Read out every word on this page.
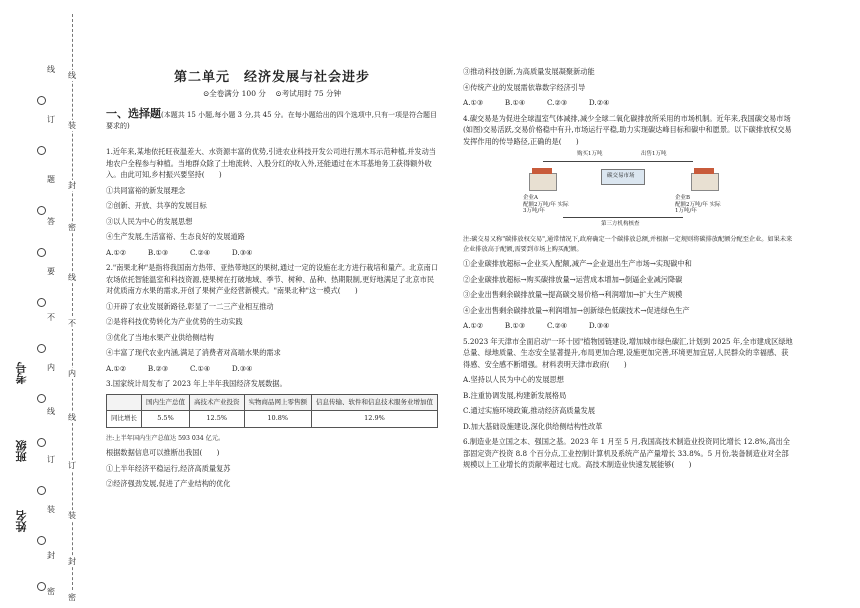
线
线
装
订
封
题
密
答
线
要
不
不
内
内
线
线
订
订
装
装
封
封
密
密
考号
班级
姓名
第二单元　经济发展与社会进步
⊙全卷满分 100 分 ⊙考试用时 75 分钟
一、选择题(本题共 15 小题,每小题 3 分,共 45 分。在每小题给出的四个选项中,只有一项是符合题目要求的)

1.近年来,某地依托旺夜温差大、水资源丰富的优势,引进农业科技开发公司进行黑木耳示范种植,并发动当地农户全程参与种植。当地群众除了土地流转、入股分红的收入外,还能通过在木耳基地务工获得额外收入。由此可知,乡村振兴要坚持(　　)

①共同富裕的新发展理念

②创新、开放、共享的发展目标

③以人民为中心的发展思想

④生产发展,生活富裕、生态良好的发展道路

A.①②　　　B.①③　　　C.②④　　　D.③④

2."南果北种"是指将我国南方热带、亚热带地区的果树,通过一定的设施在北方进行栽培和量产。北京南口农场依托智能温室和科技资源,使果树在打破地域、季节、树种、品种、热期限制,更好地满足了北京市民对优质南方水果的需求,开创了果树产业经营新模式。"南果北种"这一模式(　　)

①开辟了农业发展新路径,彰显了一二三产业相互推动

②是将科技优势转化为产业优势的生动实践

③优化了当地水果产业供给侧结构

④丰富了现代农业内涵,满足了消费者对高端水果的需求

A.①②　　　B.②③　　　C.①④　　　D.③④

3.国家统计局发布了 2023 年上半年我国经济发展数据。

	国内生产总值	高技术产业投资	实物商品网上零售额	信息传输、软件和信息技术服务业增加值
同比增长	5.5%	12.5%	10.8%	12.9%

注:上半年国内生产总值达 593 034 亿元。

根据数据信息可以推断出我国(　　)

①上半年经济平稳运行,经济高质量复苏

②经济强劲发展,促进了产业结构的优化

③推动科技创新,为高质量发展凝聚新动能

④传统产业的发展需依靠数字经济引导

A.①③　　　B.①④　　　C.②③　　　D.②④

4.碳交易是为促进全球温室气体减排,减少全球二氧化碳排放所采用的市场机制。近年来,我国碳交易市场(如图)交易活跃,交易价格稳中有升,市场运行平稳,助力实现碳达峰目标和碳中和愿景。以下碳排放权交易发挥作用的传导路径,正确的是(　　)

购买1万吨	出售1万吨
碳交易市场
企业A
配额2万吨/年 实际3万吨/年
企业B
配额2万吨/年 实际1万吨/年
第三方机构核查

注:碳交易又称"碳排放权交易",通常情况下,政府确定一个碳排放总额,并根据一定规则将碳排放配额分配至企业。如果未来企业排放高于配额,需要到市场上购买配额。

①企业碳排放超标→企业买入配额,减产→企业退出生产市场→实现碳中和

②企业碳排放超标→购买碳排放量→运营成本增加→倒逼企业减污降碳

③企业出售剩余碳排放量→提高碳交易价格→利润增加→扩大生产规模

④企业出售剩余碳排放量→利润增加→创新绿色低碳技术→促进绿色生产

A.①②　　　B.①③　　　C.②④　　　D.③④

5.2023 年天津市全面启动"一环十园"植物园链建设,增加城市绿色碳汇,计划到 2025 年,全市建成区绿地总量、绿地质量、生态安全显著提升,布局更加合理,设施更加完善,环境更加宜居,人民群众的幸福感、获得感、安全感不断增强。材料表明天津市政府(　　)

A.坚持以人民为中心的发展思想

B.注重协调发展,构建新发展格局

C.通过实施环境政策,推动经济高质量发展

D.加大基础设施建设,深化供给侧结构性改革

6.制造业是立国之本、强国之基。2023 年 1 月至 5 月,我国高技术制造业投资同比增长 12.8%,高出全部固定资产投资 8.8 个百分点,工业控制计算机及系统产品产量增长 33.8%。5 月份,装备制造业对全部规模以上工业增长的贡献率超过七成。高技术制造业快速发展能够(　　)
